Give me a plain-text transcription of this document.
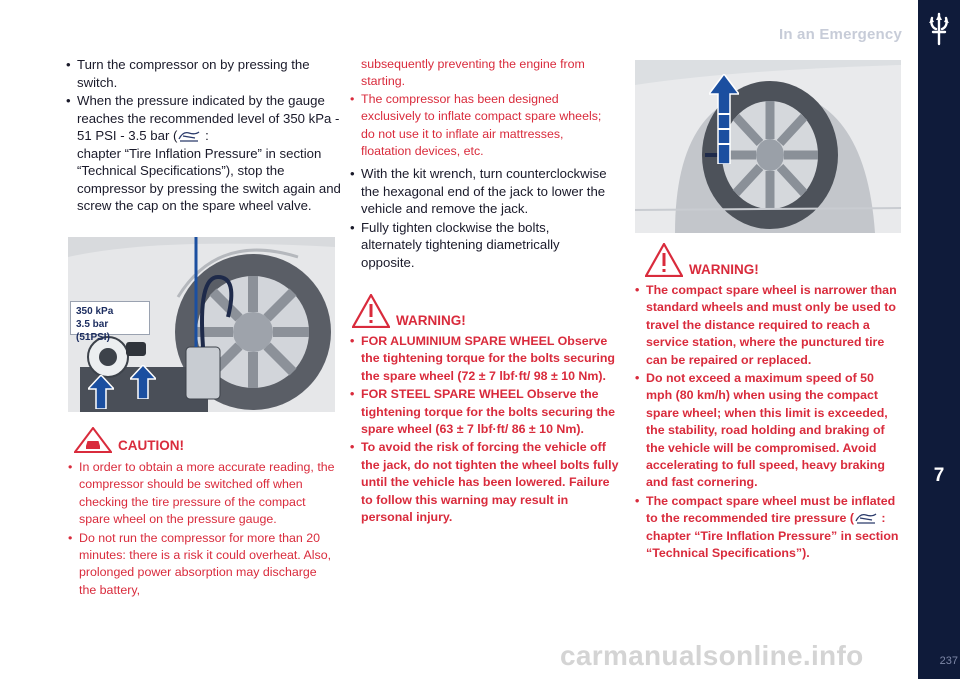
In an Emergency
7
237
• Turn the compressor on by pressing the switch.
• When the pressure indicated by the gauge reaches the recommended level of 350 kPa - 51 PSI - 3.5 bar ( :
chapter “Tire Inflation Pressure” in section “Technical Specifications”), stop the compressor by pressing the switch again and screw the cap on the spare wheel valve.
350 kPa
3.5 bar (51PSI)
CAUTION!
• In order to obtain a more accurate reading, the compressor should be switched off when checking the tire pressure of the compact spare wheel on the pressure gauge.
• Do not run the compressor for more than 20 minutes: there is a risk it could overheat. Also, prolonged power absorption may discharge the battery,
subsequently preventing the engine from starting.
• The compressor has been designed exclusively to inflate compact spare wheels; do not use it to inflate air mattresses, floatation devices, etc.
• With the kit wrench, turn counterclockwise the hexagonal end of the jack to lower the vehicle and remove the jack.
• Fully tighten clockwise the bolts, alternately tightening diametrically opposite.
WARNING!
• FOR ALUMINIUM SPARE WHEEL Observe the tightening torque for the bolts securing the spare wheel (72 ± 7 lbf·ft/ 98 ± 10 Nm).
• FOR STEEL SPARE WHEEL Observe the tightening torque for the bolts securing the spare wheel (63 ± 7 lbf·ft/ 86 ± 10 Nm).
• To avoid the risk of forcing the vehicle off the jack, do not tighten the wheel bolts fully until the vehicle has been lowered. Failure to follow this warning may result in personal injury.
WARNING!
• The compact spare wheel is narrower than standard wheels and must only be used to travel the distance required to reach a service station, where the punctured tire can be repaired or replaced.
• Do not exceed a maximum speed of 50 mph (80 km/h) when using the compact spare wheel; when this limit is exceeded, the stability, road holding and braking of the vehicle will be compromised. Avoid accelerating to full speed, heavy braking and fast cornering.
• The compact spare wheel must be inflated to the recommended tire pressure ( : chapter “Tire Inflation Pressure” in section “Technical Specifications”).
carmanualsonline.info
